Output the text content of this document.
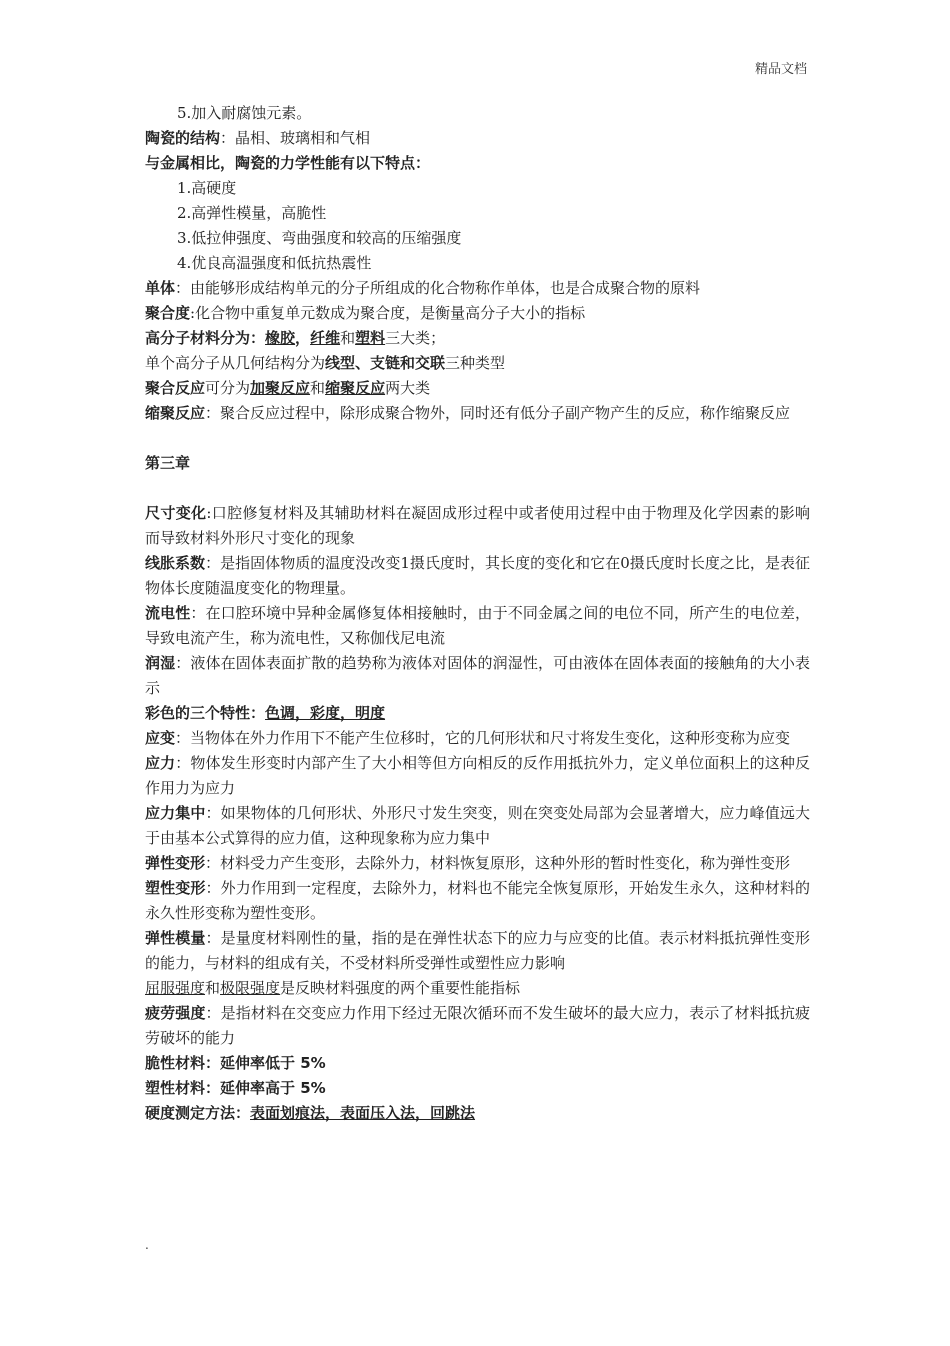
精品文档
5.加入耐腐蚀元素。
陶瓷的结构：晶相、玻璃相和气相
与金属相比，陶瓷的力学性能有以下特点：
1.高硬度
2.高弹性模量，高脆性
3.低拉伸强度、弯曲强度和较高的压缩强度
4.优良高温强度和低抗热震性
单体：由能够形成结构单元的分子所组成的化合物称作单体，也是合成聚合物的原料
聚合度:化合物中重复单元数成为聚合度，是衡量高分子大小的指标
高分子材料分为：橡胶，纤维和塑料三大类；
单个高分子从几何结构分为线型、支链和交联三种类型
聚合反应可分为加聚反应和缩聚反应两大类
缩聚反应：聚合反应过程中，除形成聚合物外，同时还有低分子副产物产生的反应，称作缩聚反应
第三章
尺寸变化:口腔修复材料及其辅助材料在凝固成形过程中或者使用过程中由于物理及化学因素的影响而导致材料外形尺寸变化的现象
线胀系数：是指固体物质的温度没改变1摄氏度时，其长度的变化和它在0摄氏度时长度之比，是表征物体长度随温度变化的物理量。
流电性：在口腔环境中异种金属修复体相接触时，由于不同金属之间的电位不同，所产生的电位差，导致电流产生，称为流电性，又称伽伐尼电流
润湿：液体在固体表面扩散的趋势称为液体对固体的润湿性，可由液体在固体表面的接触角的大小表示
彩色的三个特性：色调，彩度，明度
应变：当物体在外力作用下不能产生位移时，它的几何形状和尺寸将发生变化，这种形变称为应变
应力：物体发生形变时内部产生了大小相等但方向相反的反作用抵抗外力，定义单位面积上的这种反作用力为应力
应力集中：如果物体的几何形状、外形尺寸发生突变，则在突变处局部为会显著增大，应力峰值远大于由基本公式算得的应力值，这种现象称为应力集中
弹性变形：材料受力产生变形，去除外力，材料恢复原形，这种外形的暂时性变化，称为弹性变形
塑性变形：外力作用到一定程度，去除外力，材料也不能完全恢复原形，开始发生永久，这种材料的永久性形变称为塑性变形。
弹性模量：是量度材料刚性的量，指的是在弹性状态下的应力与应变的比值。表示材料抵抗弹性变形的能力，与材料的组成有关，不受材料所受弹性或塑性应力影响
屈服强度和极限强度是反映材料强度的两个重要性能指标
疲劳强度：是指材料在交变应力作用下经过无限次循环而不发生破坏的最大应力，表示了材料抵抗疲劳破坏的能力
脆性材料：延伸率低于 5%
塑性材料：延伸率高于 5%
硬度测定方法：表面划痕法，表面压入法，回跳法
.
